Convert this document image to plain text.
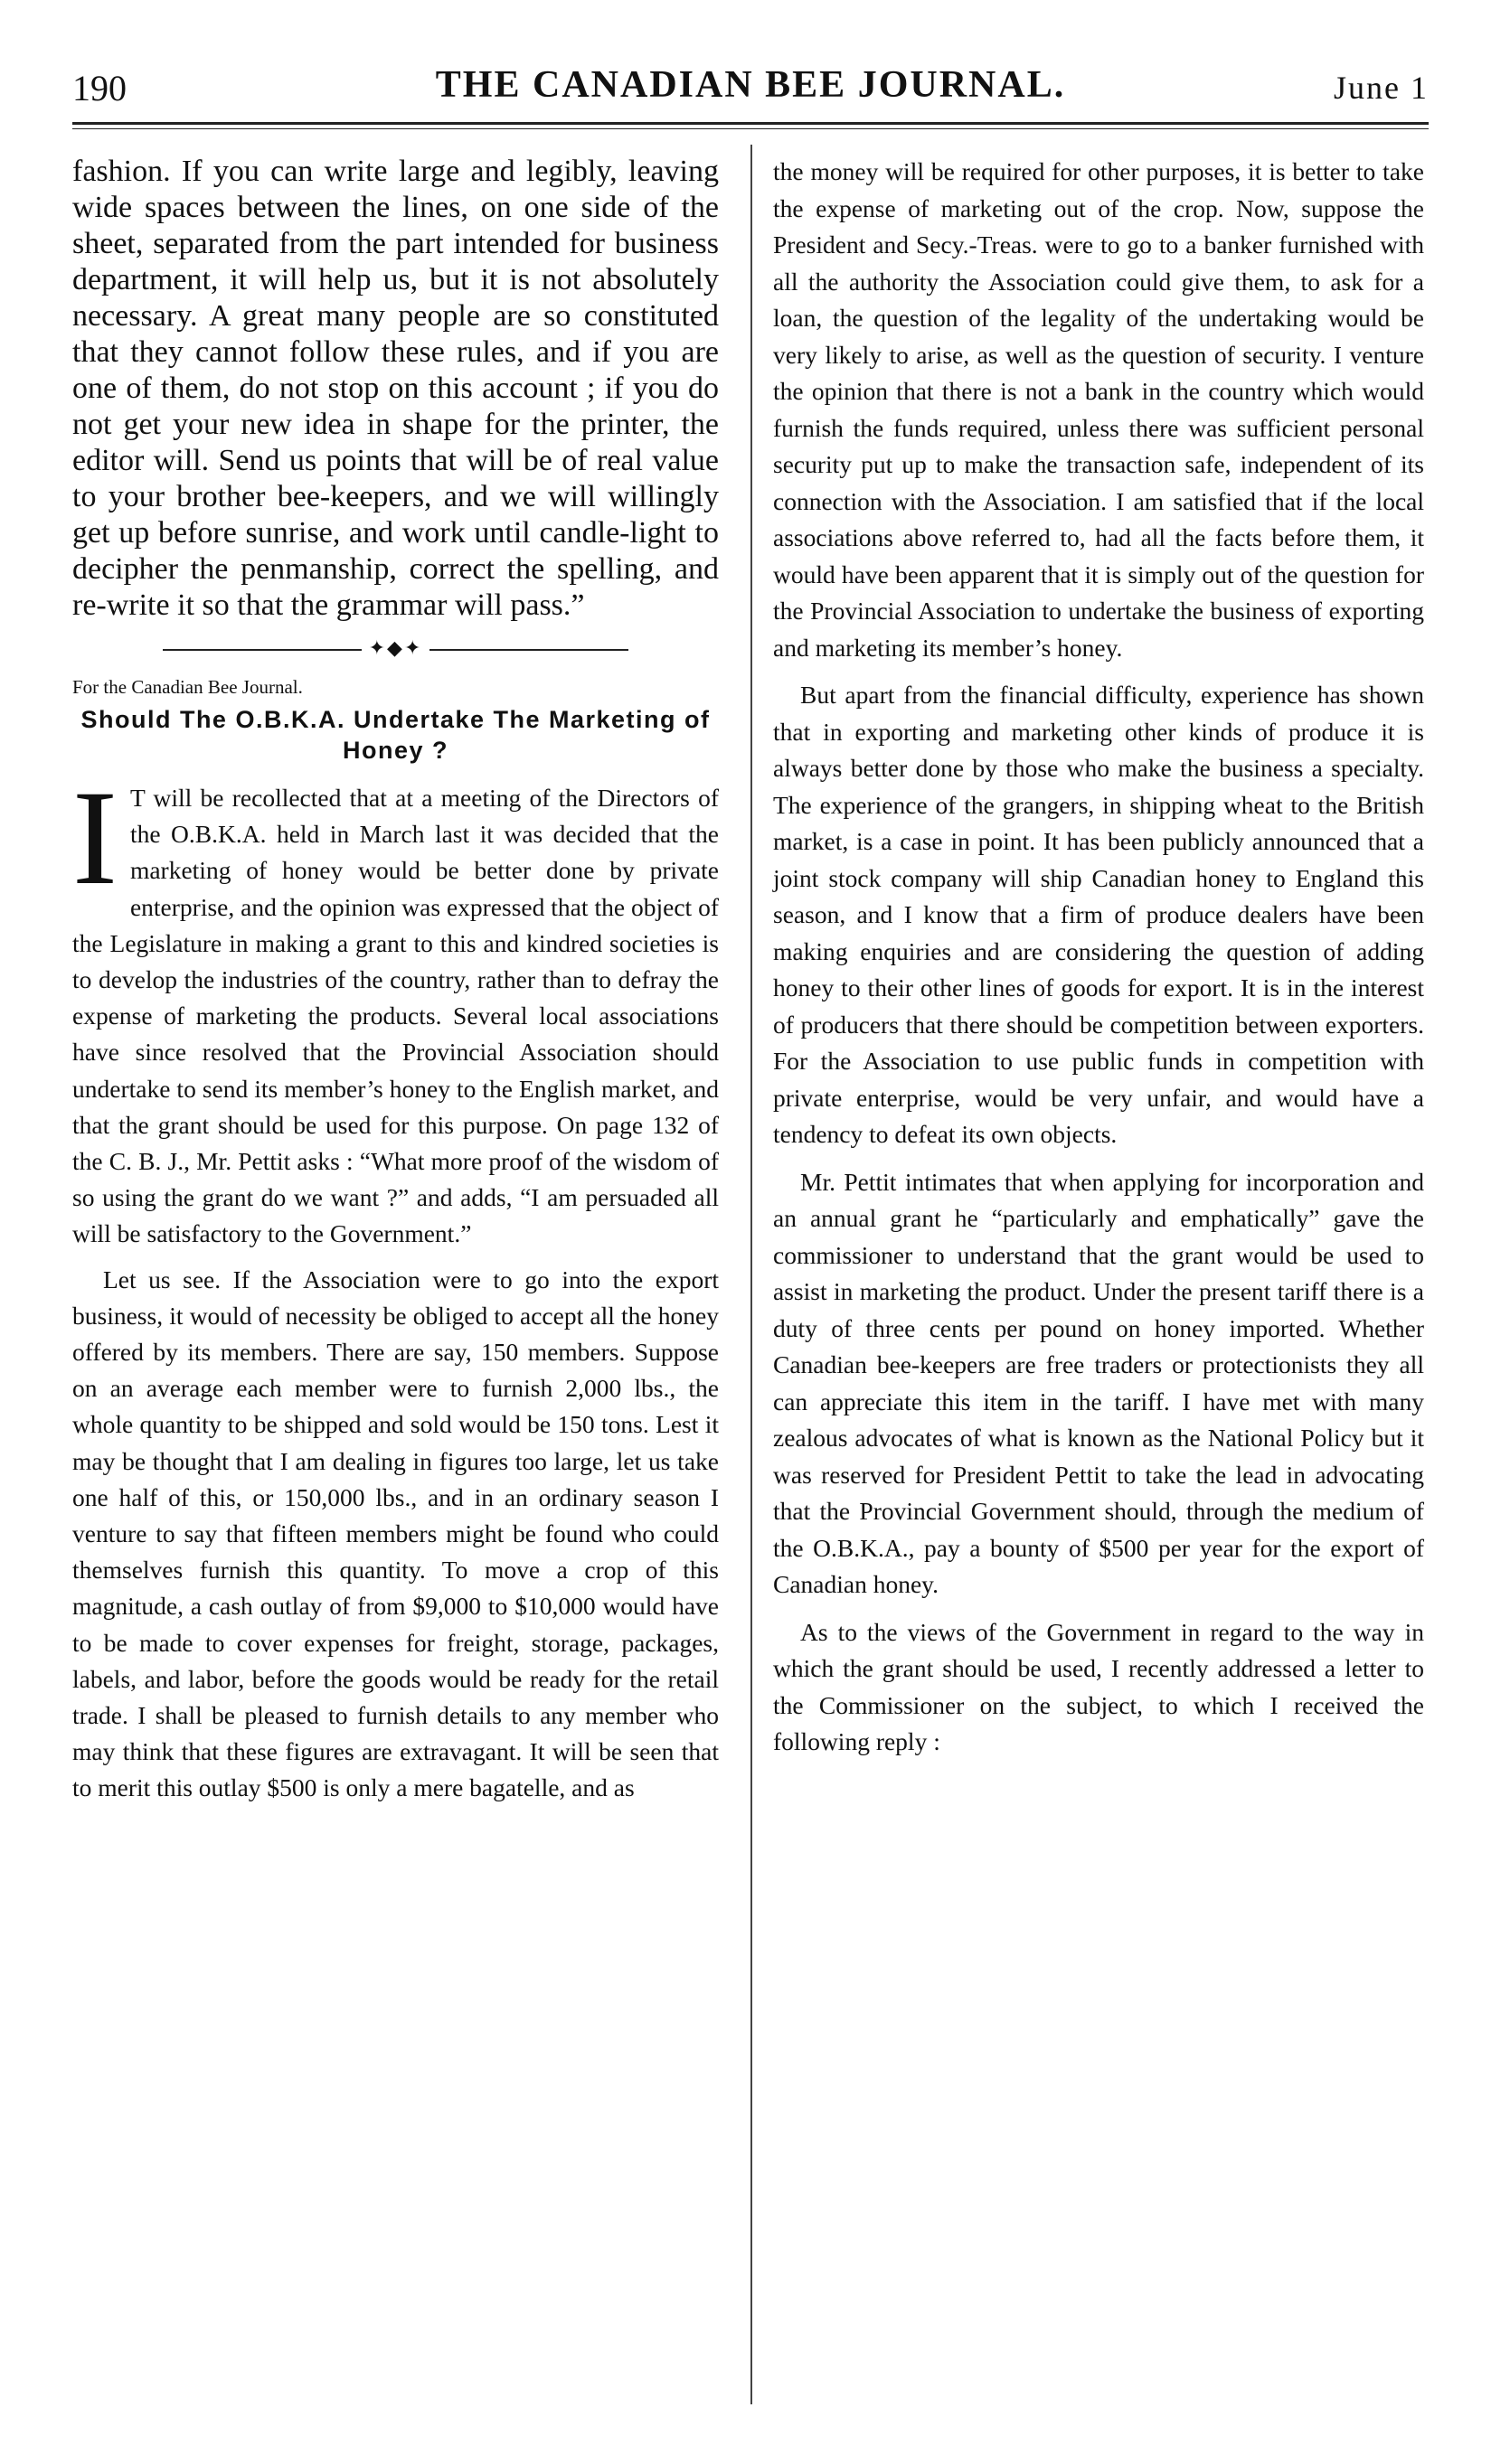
190	THE CANADIAN BEE JOURNAL.	June 1

fashion. If you can write large and legibly, leaving wide spaces between the lines, on one side of the sheet, separated from the part intended for business department, it will help us, but it is not absolutely necessary. A great many people are so constituted that they cannot follow these rules, and if you are one of them, do not stop on this account ; if you do not get your new idea in shape for the printer, the editor will. Send us points that will be of real value to your brother bee-keepers, and we will willingly get up before sunrise, and work until candle-light to decipher the penmanship, correct the spelling, and re-write it so that the grammar will pass.”

✦◆✦
For the Canadian Bee Journal.
Should The O.B.K.A. Undertake The Marketing of Honey ?

I T will be recollected that at a meeting of the Directors of the O.B.K.A. held in March last it was decided that the marketing of honey would be better done by private enterprise, and the opinion was expressed that the object of the Legislature in making a grant to this and kindred societies is to develop the industries of the country, rather than to defray the expense of marketing the products. Several local associations have since resolved that the Provincial Association should undertake to send its member’s honey to the English market, and that the grant should be used for this purpose. On page 132 of the C. B. J., Mr. Pettit asks : “What more proof of the wisdom of so using the grant do we want ?” and adds, “I am persuaded all will be satisfactory to the Government.”

Let us see. If the Association were to go into the export business, it would of necessity be obliged to accept all the honey offered by its members. There are say, 150 members. Suppose on an average each member were to furnish 2,000 lbs., the whole quantity to be shipped and sold would be 150 tons. Lest it may be thought that I am dealing in figures too large, let us take one half of this, or 150,000 lbs., and in an ordinary season I venture to say that fifteen members might be found who could themselves furnish this quantity. To move a crop of this magnitude, a cash outlay of from $9,000 to $10,000 would have to be made to cover expenses for freight, storage, packages, labels, and labor, before the goods would be ready for the retail trade. I shall be pleased to furnish details to any member who may think that these figures are extravagant. It will be seen that to merit this outlay $500 is only a mere bagatelle, and as

the money will be required for other purposes, it is better to take the expense of marketing out of the crop. Now, suppose the President and Secy.-Treas. were to go to a banker furnished with all the authority the Association could give them, to ask for a loan, the question of the legality of the undertaking would be very likely to arise, as well as the question of security. I venture the opinion that there is not a bank in the country which would furnish the funds required, unless there was sufficient personal security put up to make the transaction safe, independent of its connection with the Association. I am satisfied that if the local associations above referred to, had all the facts before them, it would have been apparent that it is simply out of the question for the Provincial Association to undertake the business of exporting and marketing its member’s honey.

But apart from the financial difficulty, experience has shown that in exporting and marketing other kinds of produce it is always better done by those who make the business a specialty. The experience of the grangers, in shipping wheat to the British market, is a case in point. It has been publicly announced that a joint stock company will ship Canadian honey to England this season, and I know that a firm of produce dealers have been making enquiries and are considering the question of adding honey to their other lines of goods for export. It is in the interest of producers that there should be competition between exporters. For the Association to use public funds in competition with private enterprise, would be very unfair, and would have a tendency to defeat its own objects.

Mr. Pettit intimates that when applying for incorporation and an annual grant he “particularly and emphatically” gave the commissioner to understand that the grant would be used to assist in marketing the product. Under the present tariff there is a duty of three cents per pound on honey imported. Whether Canadian bee-keepers are free traders or protectionists they all can appreciate this item in the tariff. I have met with many zealous advocates of what is known as the National Policy but it was reserved for President Pettit to take the lead in advocating that the Provincial Government should, through the medium of the O.B.K.A., pay a bounty of $500 per year for the export of Canadian honey.

As to the views of the Government in regard to the way in which the grant should be used, I recently addressed a letter to the Commissioner on the subject, to which I received the following reply :
